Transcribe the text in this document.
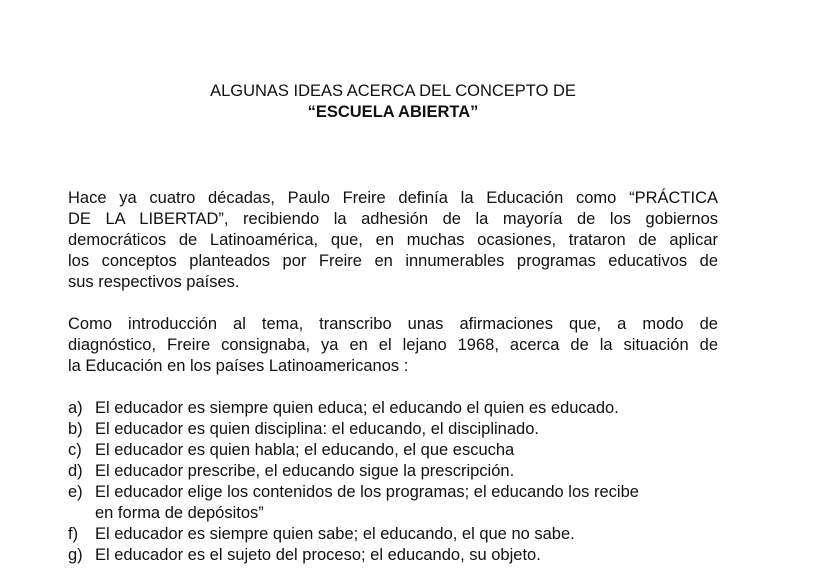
ALGUNAS IDEAS ACERCA DEL CONCEPTO DE
“ESCUELA ABIERTA”
Hace ya cuatro décadas, Paulo Freire definía la Educación como “PRÁCTICA
DE LA LIBERTAD”, recibiendo la adhesión de la mayoría de los gobiernos
democráticos de Latinoamérica, que, en muchas ocasiones, trataron de aplicar
los conceptos planteados por Freire en innumerables programas educativos de
sus respectivos países.
Como introducción al tema, transcribo unas afirmaciones que, a modo de
diagnóstico, Freire consignaba, ya en el lejano 1968, acerca de la situación de
la Educación en los países Latinoamericanos :
a) El educador es siempre quien educa; el educando el quien es educado.
b) El educador es quien disciplina: el educando, el disciplinado.
c) El educador es quien habla; el educando, el que escucha
d) El educador prescribe, el educando sigue la prescripción.
e) El educador elige los contenidos de los programas; el educando los recibe
en forma de depósitos”
f) El educador es siempre quien sabe; el educando, el que no sabe.
g) El educador es el sujeto del proceso; el educando, su objeto.
